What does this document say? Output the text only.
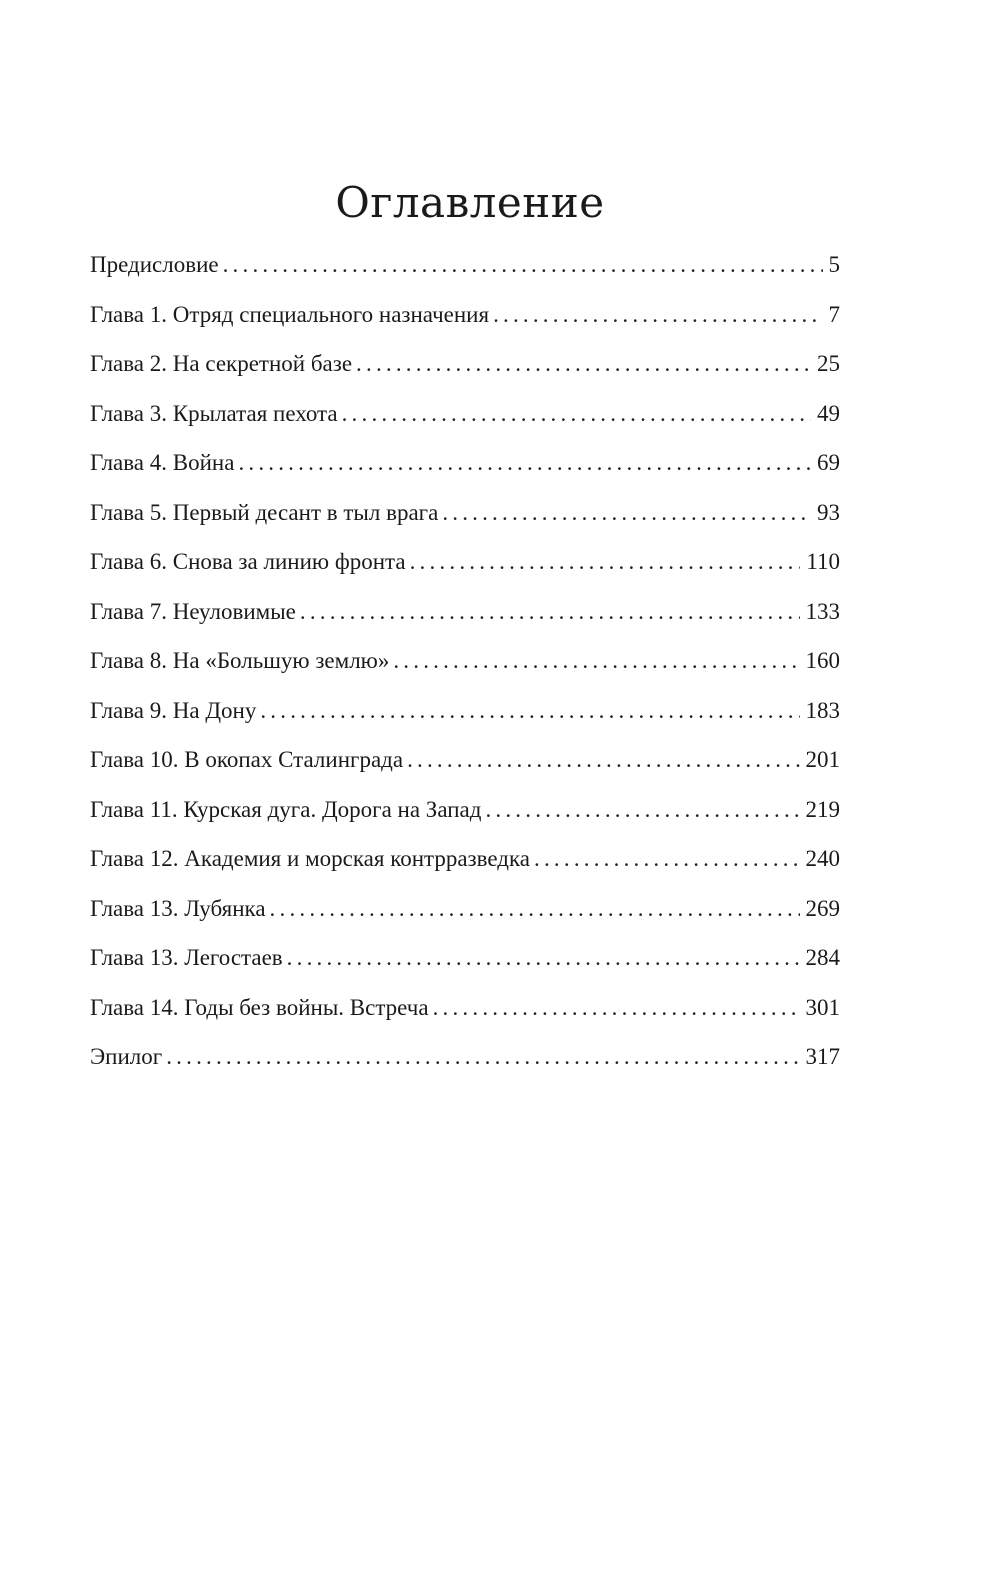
Оглавление
Предисловие .....	5
Глава 1. Отряд специального назначения .....	7
Глава 2. На секретной базе .....	25
Глава 3. Крылатая пехота .....	49
Глава 4. Война .....	69
Глава 5. Первый десант в тыл врага .....	93
Глава 6. Снова за линию фронта .....	110
Глава 7. Неуловимые .....	133
Глава 8. На «Большую землю» .....	160
Глава 9. На Дону .....	183
Глава 10. В окопах Сталинграда .....	201
Глава 11. Курская дуга. Дорога на Запад .....	219
Глава 12. Академия и морская контрразведка .....	240
Глава 13. Лубянка .....	269
Глава 13. Легостаев .....	284
Глава 14. Годы без войны. Встреча .....	301
Эпилог .....	317
